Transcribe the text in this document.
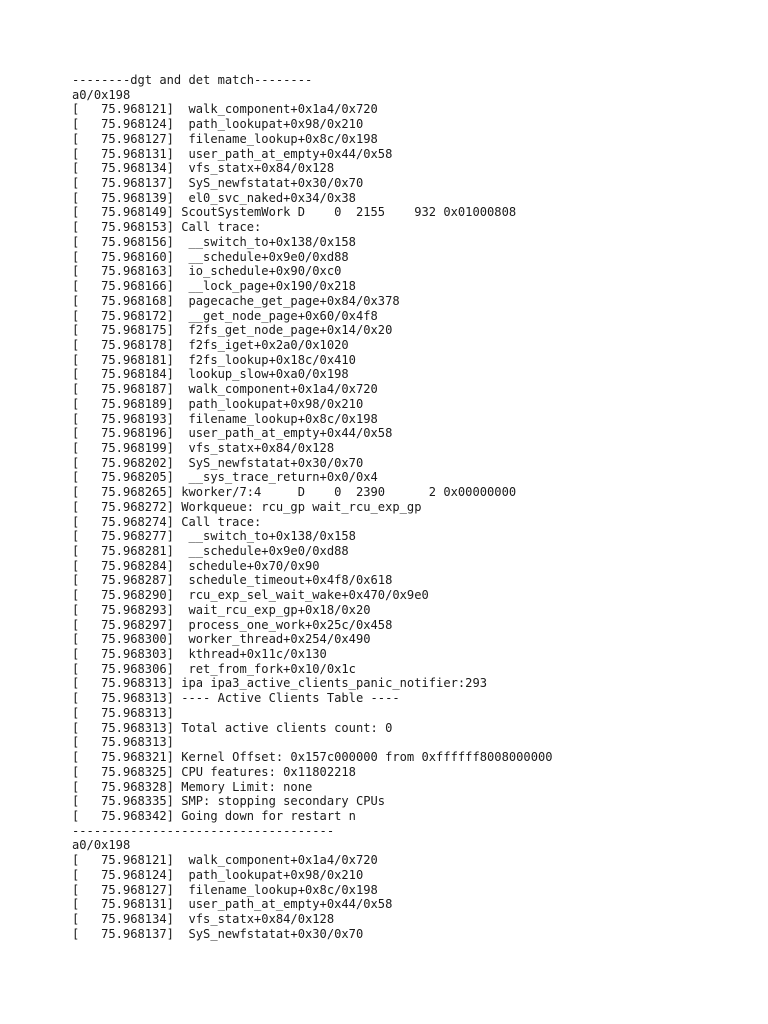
--------dgt and det match--------
a0/0x198
[   75.968121]  walk_component+0x1a4/0x720
[   75.968124]  path_lookupat+0x98/0x210
[   75.968127]  filename_lookup+0x8c/0x198
[   75.968131]  user_path_at_empty+0x44/0x58
[   75.968134]  vfs_statx+0x84/0x128
[   75.968137]  SyS_newfstatat+0x30/0x70
[   75.968139]  el0_svc_naked+0x34/0x38
[   75.968149] ScoutSystemWork D    0  2155    932 0x01000808
[   75.968153] Call trace:
[   75.968156]  __switch_to+0x138/0x158
[   75.968160]  __schedule+0x9e0/0xd88
[   75.968163]  io_schedule+0x90/0xc0
[   75.968166]  __lock_page+0x190/0x218
[   75.968168]  pagecache_get_page+0x84/0x378
[   75.968172]  __get_node_page+0x60/0x4f8
[   75.968175]  f2fs_get_node_page+0x14/0x20
[   75.968178]  f2fs_iget+0x2a0/0x1020
[   75.968181]  f2fs_lookup+0x18c/0x410
[   75.968184]  lookup_slow+0xa0/0x198
[   75.968187]  walk_component+0x1a4/0x720
[   75.968189]  path_lookupat+0x98/0x210
[   75.968193]  filename_lookup+0x8c/0x198
[   75.968196]  user_path_at_empty+0x44/0x58
[   75.968199]  vfs_statx+0x84/0x128
[   75.968202]  SyS_newfstatat+0x30/0x70
[   75.968205]  __sys_trace_return+0x0/0x4
[   75.968265] kworker/7:4     D    0  2390      2 0x00000000
[   75.968272] Workqueue: rcu_gp wait_rcu_exp_gp
[   75.968274] Call trace:
[   75.968277]  __switch_to+0x138/0x158
[   75.968281]  __schedule+0x9e0/0xd88
[   75.968284]  schedule+0x70/0x90
[   75.968287]  schedule_timeout+0x4f8/0x618
[   75.968290]  rcu_exp_sel_wait_wake+0x470/0x9e0
[   75.968293]  wait_rcu_exp_gp+0x18/0x20
[   75.968297]  process_one_work+0x25c/0x458
[   75.968300]  worker_thread+0x254/0x490
[   75.968303]  kthread+0x11c/0x130
[   75.968306]  ret_from_fork+0x10/0x1c
[   75.968313] ipa ipa3_active_clients_panic_notifier:293
[   75.968313] ---- Active Clients Table ----
[   75.968313]
[   75.968313] Total active clients count: 0
[   75.968313]
[   75.968321] Kernel Offset: 0x157c000000 from 0xffffff8008000000
[   75.968325] CPU features: 0x11802218
[   75.968328] Memory Limit: none
[   75.968335] SMP: stopping secondary CPUs
[   75.968342] Going down for restart n
------------------------------------
a0/0x198
[   75.968121]  walk_component+0x1a4/0x720
[   75.968124]  path_lookupat+0x98/0x210
[   75.968127]  filename_lookup+0x8c/0x198
[   75.968131]  user_path_at_empty+0x44/0x58
[   75.968134]  vfs_statx+0x84/0x128
[   75.968137]  SyS_newfstatat+0x30/0x70
